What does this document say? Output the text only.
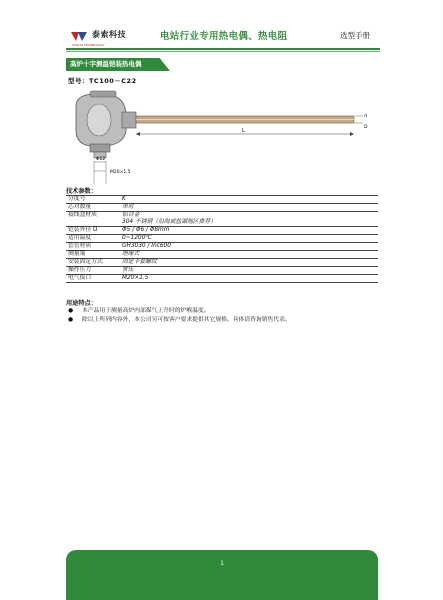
泰索科技
TAISUO TECHNOLOGY
电站行业专用热电偶、热电阻	选型手册
高炉十字测温铠装热电偶
型号：TC100－C22
L
d
D
Φ12
M20×1.5
技术参数：
分度号	K
芯对数量	单对
接线盒材质	铝合金
304 不锈钢（沿海或盐湖地区推荐）
铠装外径 D	Φ5 / Φ6 / Φ8mm
适用温度	0~1200℃
套管材质	GH3030 / Inc600
测量端	绝缘式
安装固定方式	固定卡套螺纹
操作压力	常压
电气接口	M20×1.5
用途特点：
●	本产品用于测量高炉内部煤气上升时的炉喉温度。
●	除以上所列内容外，本公司另可按客户要求提供其它规格。具体请咨询销售代表。
1
